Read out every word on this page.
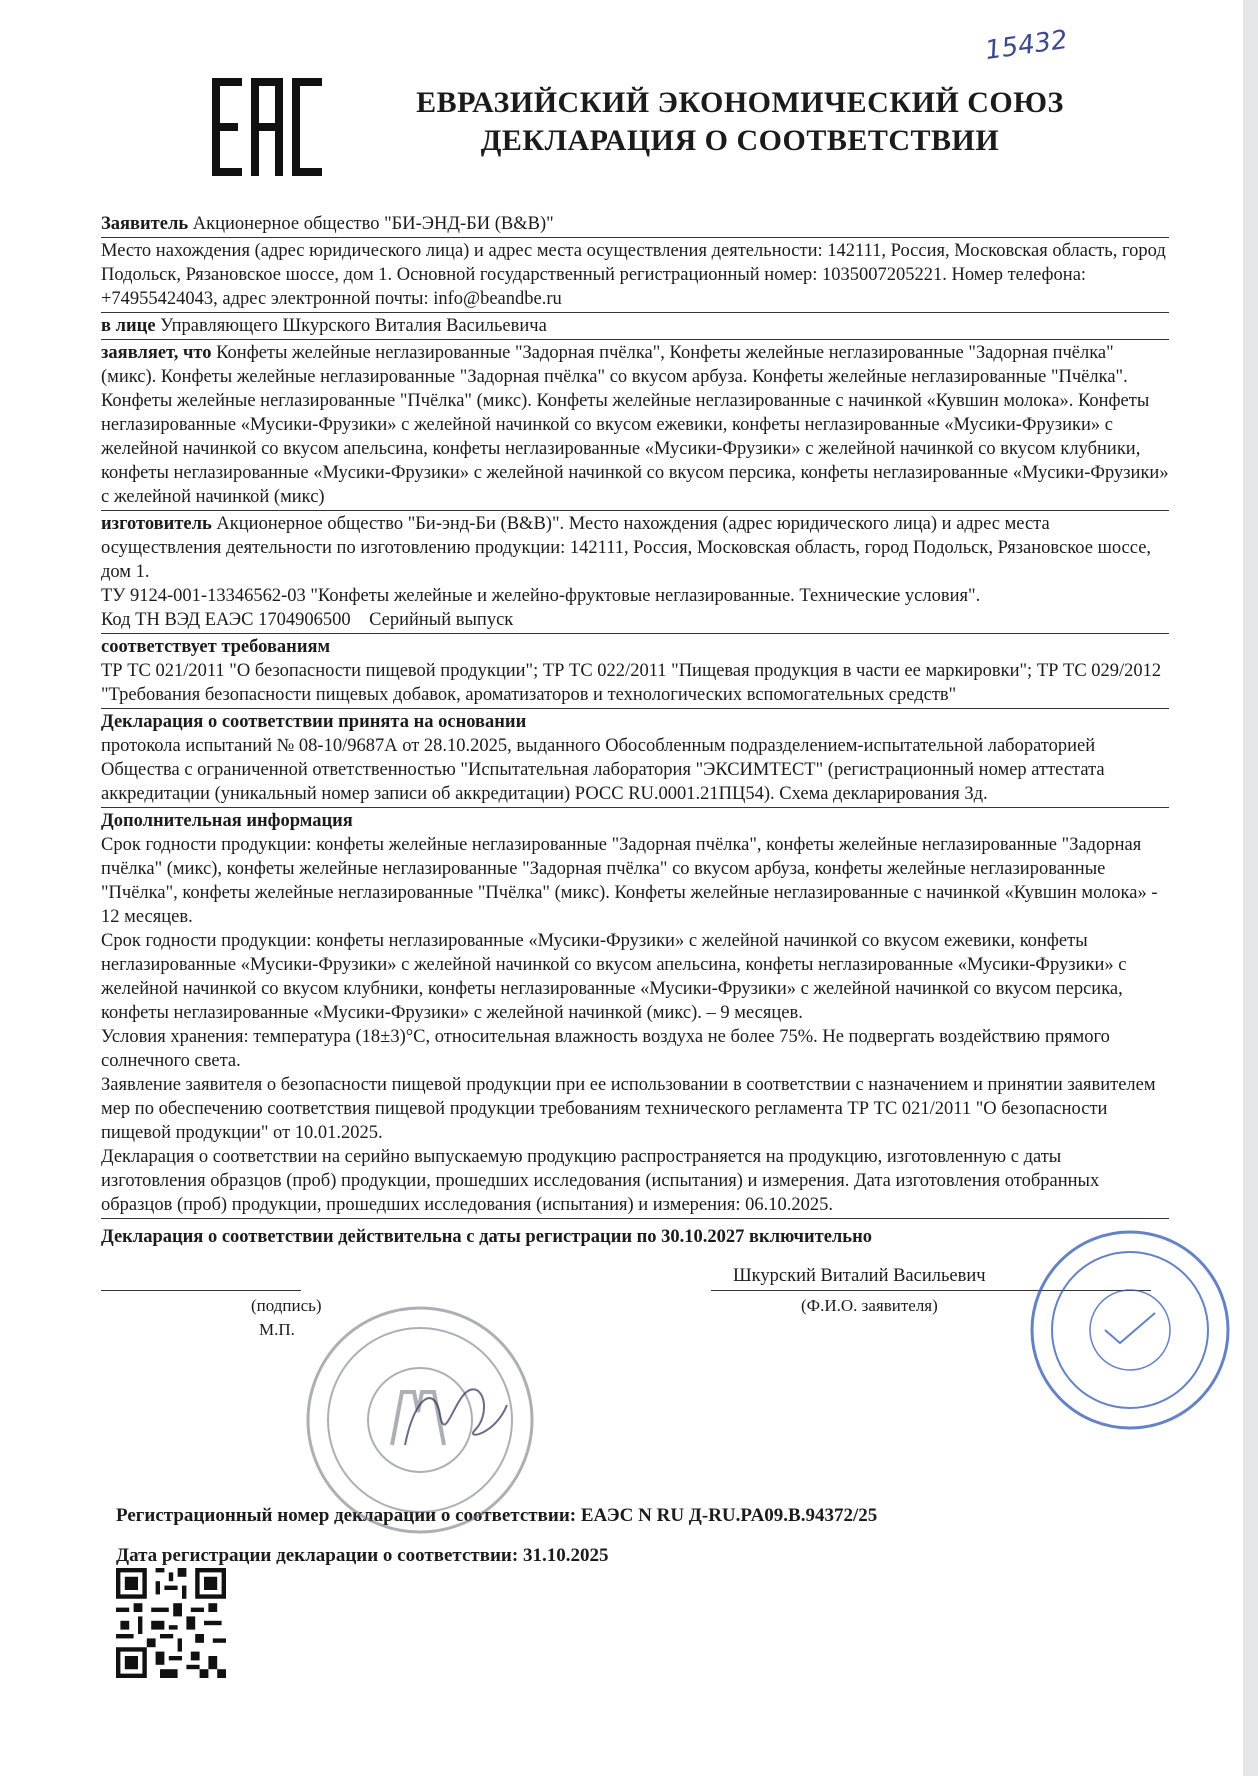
15432
ЕВРАЗИЙСКИЙ ЭКОНОМИЧЕСКИЙ СОЮЗ
ДЕКЛАРАЦИЯ О СООТВЕТСТВИИ
Заявитель Акционерное общество "БИ-ЭНД-БИ (B&B)"
Место нахождения (адрес юридического лица) и адрес места осуществления деятельности: 142111, Россия, Московская область, город Подольск, Рязановское шоссе, дом 1. Основной государственный регистрационный номер: 1035007205221. Номер телефона: +74955424043, адрес электронной почты: info@beandbe.ru
в лице Управляющего Шкурского Виталия Васильевича
заявляет, что Конфеты желейные неглазированные "Задорная пчёлка", Конфеты желейные неглазированные "Задорная пчёлка" (микс). Конфеты желейные неглазированные "Задорная пчёлка" со вкусом арбуза. Конфеты желейные неглазированные "Пчёлка". Конфеты желейные неглазированные "Пчёлка" (микс). Конфеты желейные неглазированные с начинкой «Кувшин молока». Конфеты неглазированные «Мусики-Фрузики» с желейной начинкой со вкусом ежевики, конфеты неглазированные «Мусики-Фрузики» с желейной начинкой со вкусом апельсина, конфеты неглазированные «Мусики-Фрузики» с желейной начинкой со вкусом клубники, конфеты неглазированные «Мусики-Фрузики» с желейной начинкой со вкусом персика, конфеты неглазированные «Мусики-Фрузики» с желейной начинкой (микс)
изготовитель Акционерное общество "Би-энд-Би (B&B)". Место нахождения (адрес юридического лица) и адрес места осуществления деятельности по изготовлению продукции: 142111, Россия, Московская область, город Подольск, Рязановское шоссе, дом 1.
ТУ 9124-001-13346562-03 "Конфеты желейные и желейно-фруктовые неглазированные. Технические условия".
Код ТН ВЭД ЕАЭС 1704906500    Серийный выпуск
соответствует требованиям
ТР ТС 021/2011 "О безопасности пищевой продукции"; ТР ТС 022/2011 "Пищевая продукция в части ее маркировки"; ТР ТС 029/2012 "Требования безопасности пищевых добавок, ароматизаторов и технологических вспомогательных средств"
Декларация о соответствии принята на основании
протокола испытаний № 08-10/9687А от 28.10.2025, выданного Обособленным подразделением-испытательной лабораторией Общества с ограниченной ответственностью "Испытательная лаборатория "ЭКСИМТЕСТ" (регистрационный номер аттестата аккредитации (уникальный номер записи об аккредитации) РОСС RU.0001.21ПЦ54). Схема декларирования 3д.
Дополнительная информация
Срок годности продукции: конфеты желейные неглазированные "Задорная пчёлка", конфеты желейные неглазированные "Задорная пчёлка" (микс), конфеты желейные неглазированные "Задорная пчёлка" со вкусом арбуза, конфеты желейные неглазированные "Пчёлка", конфеты желейные неглазированные "Пчёлка" (микс). Конфеты желейные неглазированные с начинкой «Кувшин молока» - 12 месяцев.
Срок годности продукции: конфеты неглазированные «Мусики-Фрузики» с желейной начинкой со вкусом ежевики, конфеты неглазированные «Мусики-Фрузики» с желейной начинкой со вкусом апельсина, конфеты неглазированные «Мусики-Фрузики» с желейной начинкой со вкусом клубники, конфеты неглазированные «Мусики-Фрузики» с желейной начинкой со вкусом персика, конфеты неглазированные «Мусики-Фрузики» с желейной начинкой (микс). – 9 месяцев.
Условия хранения: температура (18±3)°С, относительная влажность воздуха не более 75%. Не подвергать воздействию прямого солнечного света.
Заявление заявителя о безопасности пищевой продукции при ее использовании в соответствии с назначением и принятии заявителем мер по обеспечению соответствия пищевой продукции требованиям технического регламента ТР ТС 021/2011 "О безопасности пищевой продукции" от 10.01.2025.
Декларация о соответствии на серийно выпускаемую продукцию распространяется на продукцию, изготовленную с даты изготовления образцов (проб) продукции, прошедших исследования (испытания) и измерения. Дата изготовления отобранных образцов (проб) продукции, прошедших исследования (испытания) и измерения: 06.10.2025.
Декларация о соответствии действительна с даты регистрации по 30.10.2027 включительно
Шкурский Виталий Васильевич
(подпись)	(Ф.И.О. заявителя)
М.П.
Регистрационный номер декларации о соответствии: ЕАЭС N RU Д-RU.PA09.B.94372/25
Дата регистрации декларации о соответствии: 31.10.2025
